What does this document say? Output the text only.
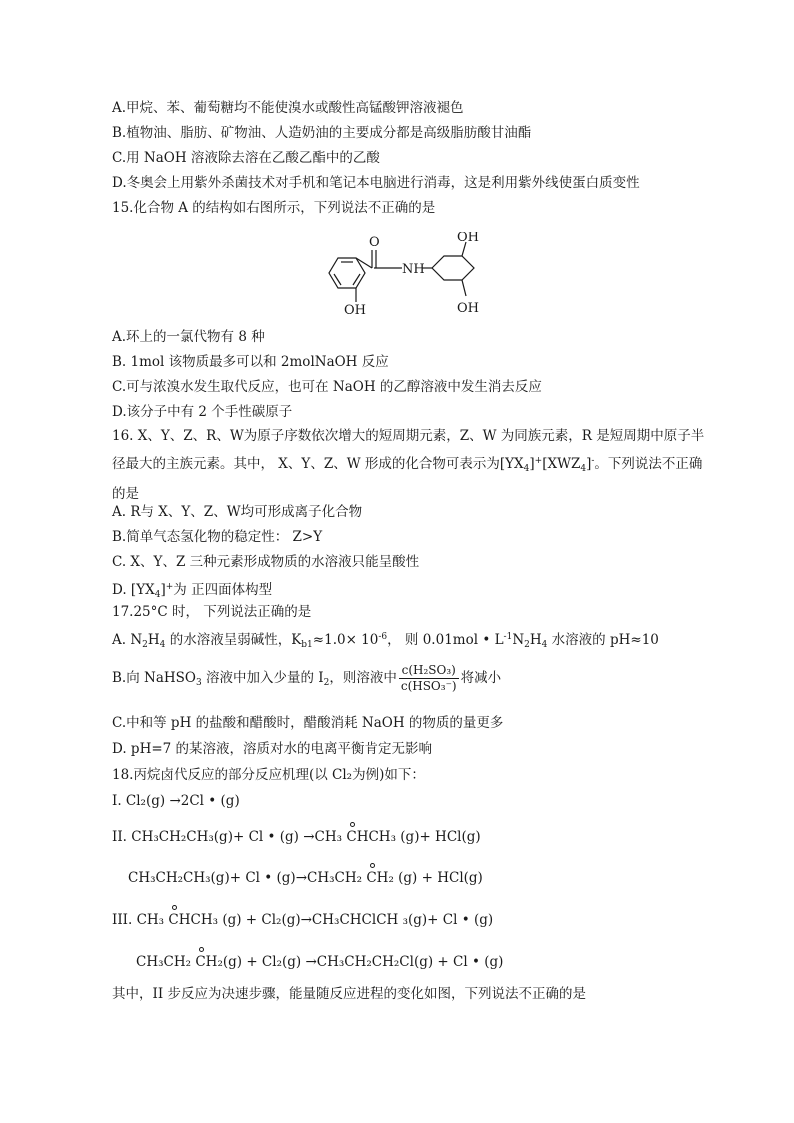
A.甲烷、苯、葡萄糖均不能使溴水或酸性高锰酸钾溶液褪色
B.植物油、脂肪、矿物油、人造奶油的主要成分都是高级脂肪酸甘油酯
C.用 NaOH 溶液除去溶在乙酸乙酯中的乙酸
D.冬奥会上用紫外杀菌技术对手机和笔记本电脑进行消毒，这是利用紫外线使蛋白质变性
15.化合物 A 的结构如右图所示，下列说法不正确的是
O
NH
OH
OH
OH
A.环上的一氯代物有 8 种
B. 1mol 该物质最多可以和 2molNaOH 反应
C.可与浓溴水发生取代反应，也可在 NaOH 的乙醇溶液中发生消去反应
D.该分子中有 2 个手性碳原子
16. X、Y、Z、R、W为原子序数依次增大的短周期元素，Z、W 为同族元素，R 是短周期中原子半径最大的主族元素。其中， X、Y、Z、W 形成的化合物可表示为$[YX_4]^+[XWZ_4]^-$。下列说法不正确的是
A. R与 X、Y、Z、W均可形成离子化合物
B.简单气态氢化物的稳定性： Z>Y
C. X、Y、Z 三种元素形成物质的水溶液只能呈酸性
D. $[YX_4]^+$为 正四面体构型
17.25°C 时， 下列说法正确的是
A. $N_2H_4$ 的水溶液呈弱碱性，$K_{b1}\approx 1.0\times 10^{-6}$， 则 0.01mol • $L^{-1}N_2H_4$ 水溶液的 pH≈10
B.向 NaHSO$_3$ 溶液中加入少量的 $I_2$，则溶液中 $\frac{\text{c(H₂SO₃)}}{\text{c(HSO₃⁻)}}$ 将减小
C.中和等 pH 的盐酸和醋酸时，醋酸消耗 NaOH 的物质的量更多
D. pH=7 的某溶液，溶质对水的电离平衡肯定无影响
18.丙烷卤代反应的部分反应机理(以 Cl₂为例)如下：
I. Cl₂(g) →2Cl • (g)
II. CH₃CH₂CH₃(g)+ Cl • (g) →CH₃ CHCH₃ (g)+ HCl(g)
CH₃CH₂CH₃(g)+ Cl • (g)→CH₃CH₂ CH₂ (g) + HCl(g)
III. CH₃ CHCH₃ (g) + Cl₂(g)→CH₃CHClCH ₃(g)+ Cl • (g)
CH₃CH₂ CH₂(g) + Cl₂(g) →CH₃CH₂CH₂Cl(g) + Cl • (g)
其中，II 步反应为决速步骤，能量随反应进程的变化如图，下列说法不正确的是
